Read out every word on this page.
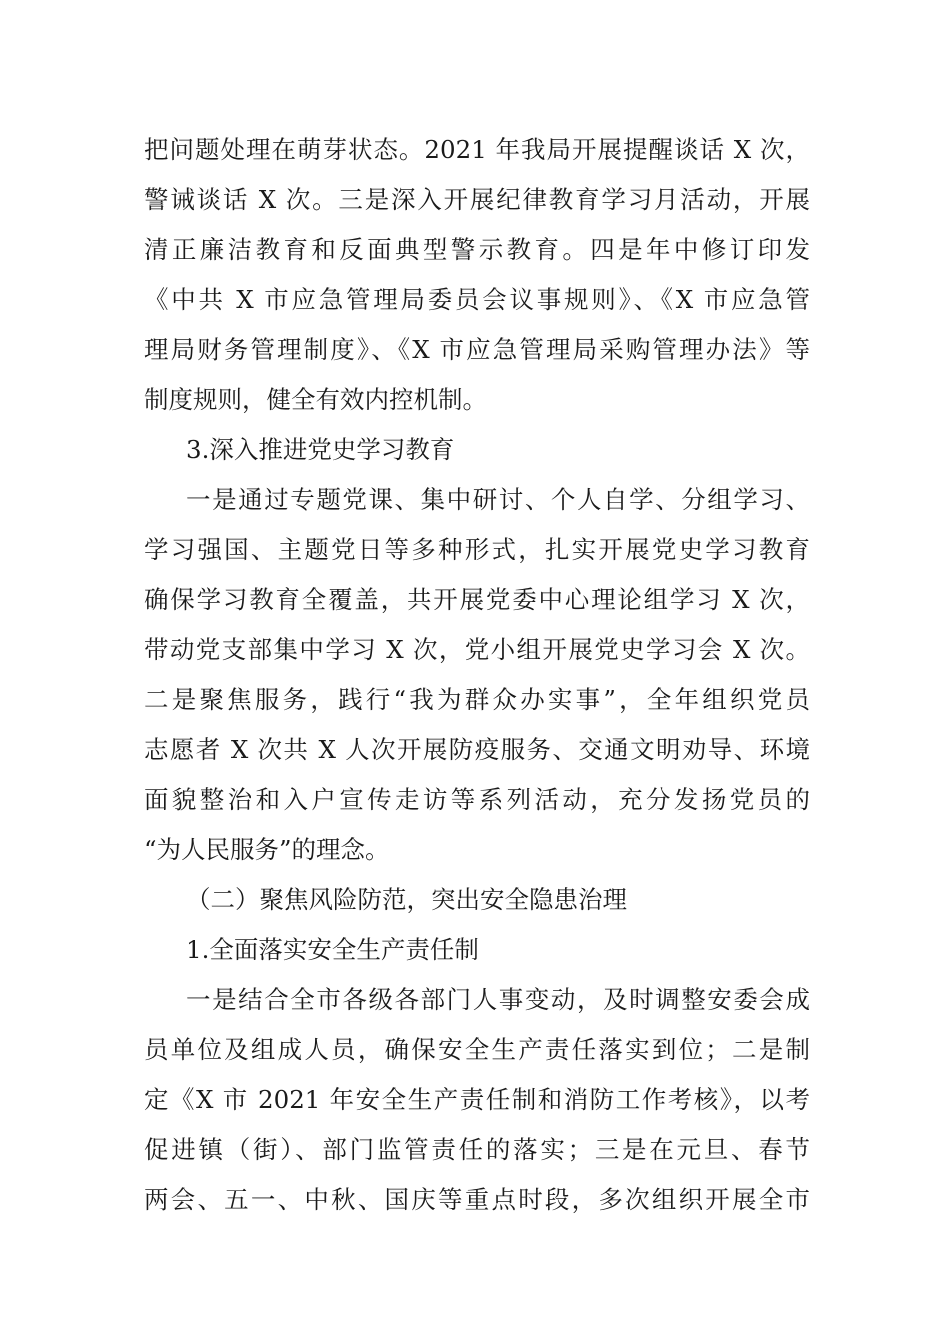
把问题处理在萌芽状态。2021 年我局开展提醒谈话 X 次，
警诫谈话 X 次。三是深入开展纪律教育学习月活动，开展
清正廉洁教育和反面典型警示教育。四是年中修订印发
《中共 X 市应急管理局委员会议事规则》、《X 市应急管
理局财务管理制度》、《X 市应急管理局采购管理办法》等
制度规则，健全有效内控机制。
3.深入推进党史学习教育
一是通过专题党课、集中研讨、个人自学、分组学习、
学习强国、主题党日等多种形式，扎实开展党史学习教育
确保学习教育全覆盖，共开展党委中心理论组学习 X 次，
带动党支部集中学习 X 次，党小组开展党史学习会 X 次。
二是聚焦服务，践行“我为群众办实事”，全年组织党员
志愿者 X 次共 X 人次开展防疫服务、交通文明劝导、环境
面貌整治和入户宣传走访等系列活动，充分发扬党员的
“为人民服务”的理念。
（二）聚焦风险防范，突出安全隐患治理
1.全面落实安全生产责任制
一是结合全市各级各部门人事变动，及时调整安委会成
员单位及组成人员，确保安全生产责任落实到位；二是制
定《X 市 2021 年安全生产责任制和消防工作考核》，以考
促进镇（街）、部门监管责任的落实；三是在元旦、春节
两会、五一、中秋、国庆等重点时段，多次组织开展全市
